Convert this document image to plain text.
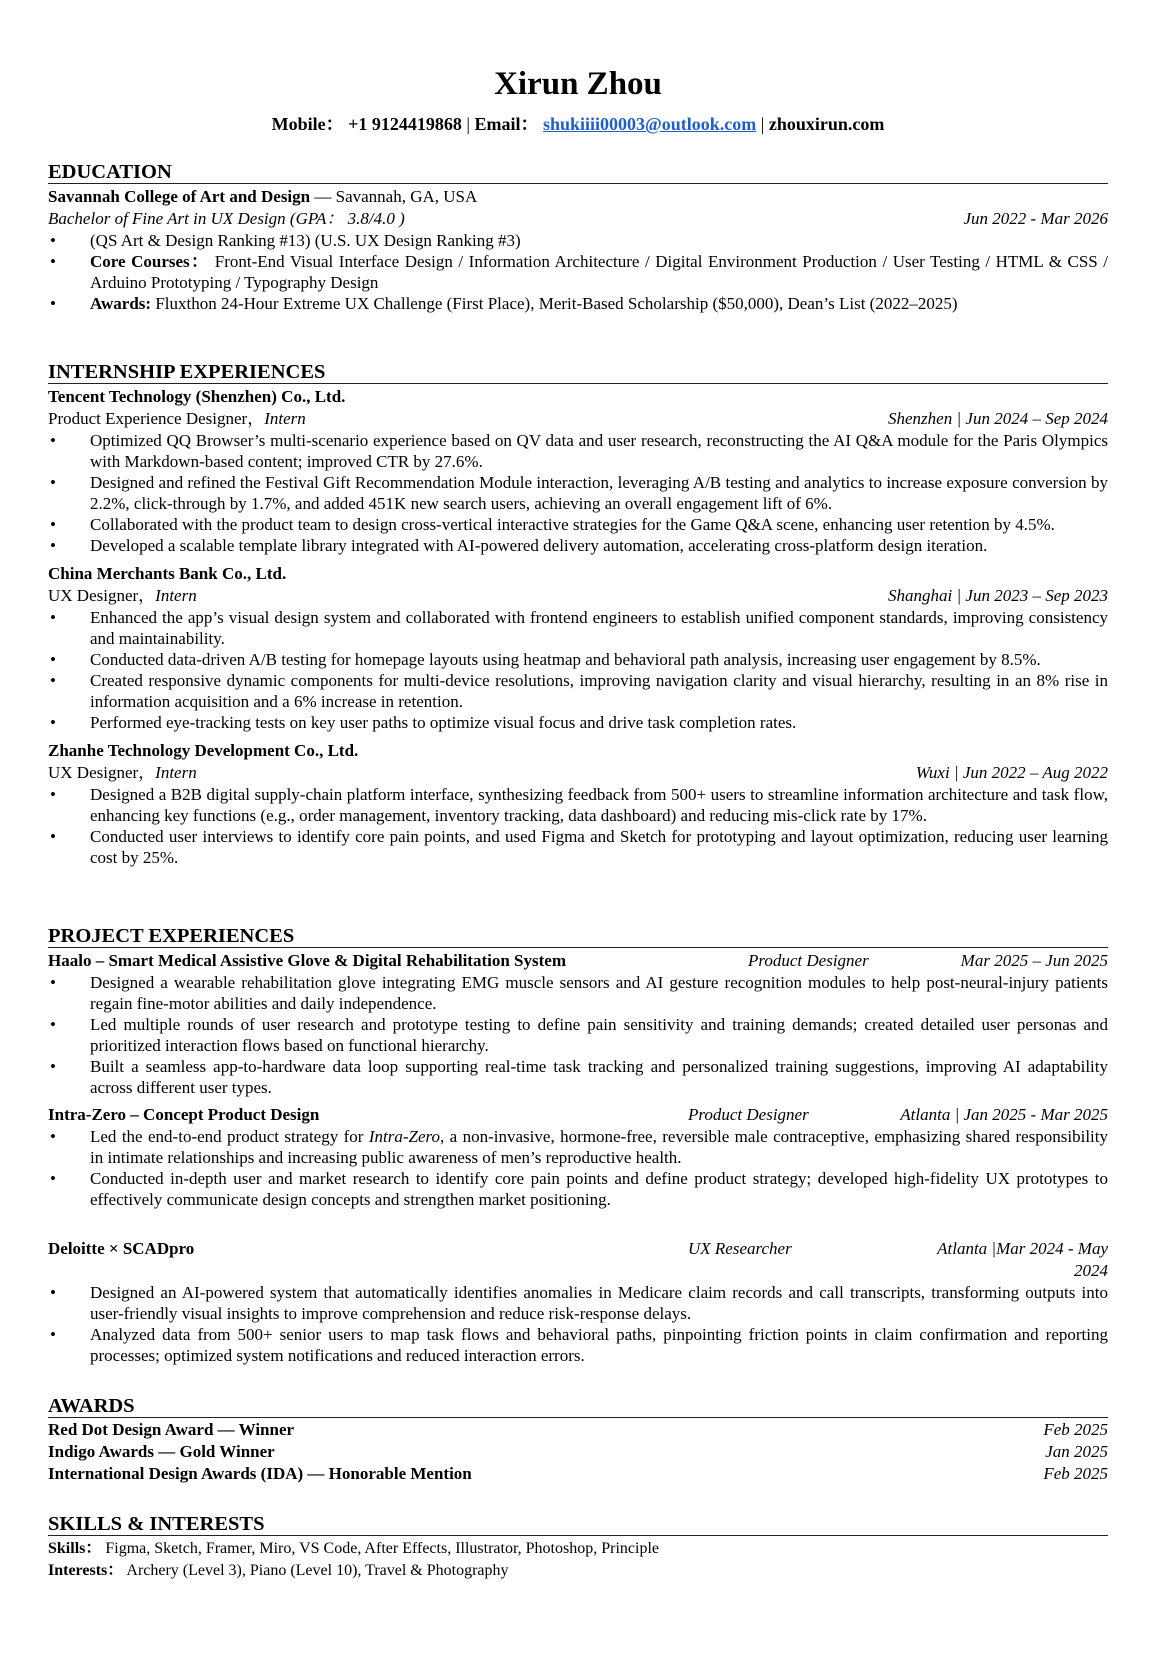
Xirun Zhou
Mobile： +1 9124419868 | Email： shukiiii00003@outlook.com | zhouxirun.com
EDUCATION
Savannah College of Art and Design — Savannah, GA, USA
Bachelor of Fine Art in UX Design (GPA： 3.8/4.0 )	Jun 2022 - Mar 2026
• (QS Art & Design Ranking #13) (U.S. UX Design Ranking #3)
• Core Courses： Front-End Visual Interface Design / Information Architecture / Digital Environment Production / User Testing / HTML & CSS / Arduino Prototyping / Typography Design
• Awards: Fluxthon 24-Hour Extreme UX Challenge (First Place), Merit-Based Scholarship ($50,000), Dean’s List (2022–2025)
INTERNSHIP EXPERIENCES
Tencent Technology (Shenzhen) Co., Ltd.
Product Experience Designer，Intern	Shenzhen | Jun 2024 – Sep 2024
• Optimized QQ Browser’s multi-scenario experience based on QV data and user research, reconstructing the AI Q&A module for the Paris Olympics with Markdown-based content; improved CTR by 27.6%.
• Designed and refined the Festival Gift Recommendation Module interaction, leveraging A/B testing and analytics to increase exposure conversion by 2.2%, click-through by 1.7%, and added 451K new search users, achieving an overall engagement lift of 6%.
• Collaborated with the product team to design cross-vertical interactive strategies for the Game Q&A scene, enhancing user retention by 4.5%.
• Developed a scalable template library integrated with AI-powered delivery automation, accelerating cross-platform design iteration.
China Merchants Bank Co., Ltd.
UX Designer，Intern	Shanghai | Jun 2023 – Sep 2023
• Enhanced the app’s visual design system and collaborated with frontend engineers to establish unified component standards, improving consistency and maintainability.
• Conducted data-driven A/B testing for homepage layouts using heatmap and behavioral path analysis, increasing user engagement by 8.5%.
• Created responsive dynamic components for multi-device resolutions, improving navigation clarity and visual hierarchy, resulting in an 8% rise in information acquisition and a 6% increase in retention.
• Performed eye-tracking tests on key user paths to optimize visual focus and drive task completion rates.
Zhanhe Technology Development Co., Ltd.
UX Designer，Intern	Wuxi | Jun 2022 – Aug 2022
• Designed a B2B digital supply-chain platform interface, synthesizing feedback from 500+ users to streamline information architecture and task flow, enhancing key functions (e.g., order management, inventory tracking, data dashboard) and reducing mis-click rate by 17%.
• Conducted user interviews to identify core pain points, and used Figma and Sketch for prototyping and layout optimization, reducing user learning cost by 25%.
PROJECT EXPERIENCES
Haalo – Smart Medical Assistive Glove & Digital Rehabilitation System	Product Designer	Mar 2025 – Jun 2025
• Designed a wearable rehabilitation glove integrating EMG muscle sensors and AI gesture recognition modules to help post-neural-injury patients regain fine-motor abilities and daily independence.
• Led multiple rounds of user research and prototype testing to define pain sensitivity and training demands; created detailed user personas and prioritized interaction flows based on functional hierarchy.
• Built a seamless app-to-hardware data loop supporting real-time task tracking and personalized training suggestions, improving AI adaptability across different user types.
Intra-Zero – Concept Product Design	Product Designer	Atlanta | Jan 2025 - Mar 2025
• Led the end-to-end product strategy for Intra-Zero, a non-invasive, hormone-free, reversible male contraceptive, emphasizing shared responsibility in intimate relationships and increasing public awareness of men’s reproductive health.
• Conducted in-depth user and market research to identify core pain points and define product strategy; developed high-fidelity UX prototypes to effectively communicate design concepts and strengthen market positioning.
Deloitte × SCADpro	UX Researcher	Atlanta |Mar 2024 - May 2024
• Designed an AI-powered system that automatically identifies anomalies in Medicare claim records and call transcripts, transforming outputs into user-friendly visual insights to improve comprehension and reduce risk-response delays.
• Analyzed data from 500+ senior users to map task flows and behavioral paths, pinpointing friction points in claim confirmation and reporting processes; optimized system notifications and reduced interaction errors.
AWARDS
Red Dot Design Award — Winner	Feb 2025
Indigo Awards — Gold Winner	Jan 2025
International Design Awards (IDA) — Honorable Mention	Feb 2025
SKILLS & INTERESTS
Skills： Figma, Sketch, Framer, Miro, VS Code, After Effects, Illustrator, Photoshop, Principle
Interests： Archery (Level 3), Piano (Level 10), Travel & Photography
